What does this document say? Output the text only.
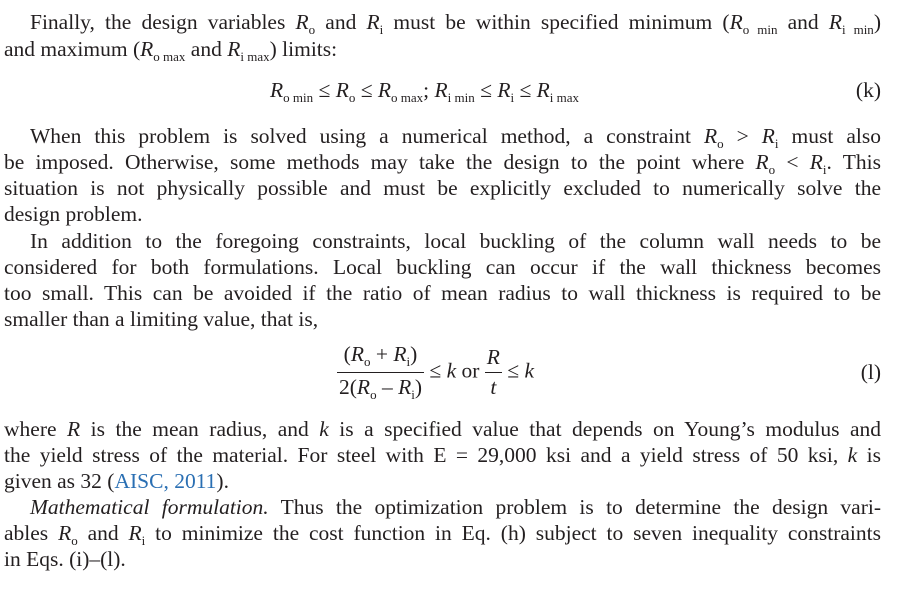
Finally, the design variables $R_o$ and $R_i$ must be within specified minimum ($R_{o min}$ and $R_{i min}$)
and maximum ($R_{o max}$ and $R_{i max}$) limits:
$R_{o min} \le R_o \le R_{o max}$; $R_{i min} \le R_i \le R_{i max}$	(k)
When this problem is solved using a numerical method, a constraint $R_o > R_i$ must also
be imposed. Otherwise, some methods may take the design to the point where $R_o < R_i$. This
situation is not physically possible and must be explicitly excluded to numerically solve the
design problem.
In addition to the foregoing constraints, local buckling of the column wall needs to be
considered for both formulations. Local buckling can occur if the wall thickness becomes
too small. This can be avoided if the ratio of mean radius to wall thickness is required to be
smaller than a limiting value, that is,
$\frac{(R_o + R_i)}{2(R_o - R_i)} \le k$ or $\frac{R}{t} \le k$	(l)
where R is the mean radius, and k is a specified value that depends on Young’s modulus and
the yield stress of the material. For steel with E = 29,000 ksi and a yield stress of 50 ksi, k is
given as 32 (AISC, 2011).
Mathematical formulation. Thus the optimization problem is to determine the design vari-
ables $R_o$ and $R_i$ to minimize the cost function in Eq. (h) subject to seven inequality constraints
in Eqs. (i)–(l).
